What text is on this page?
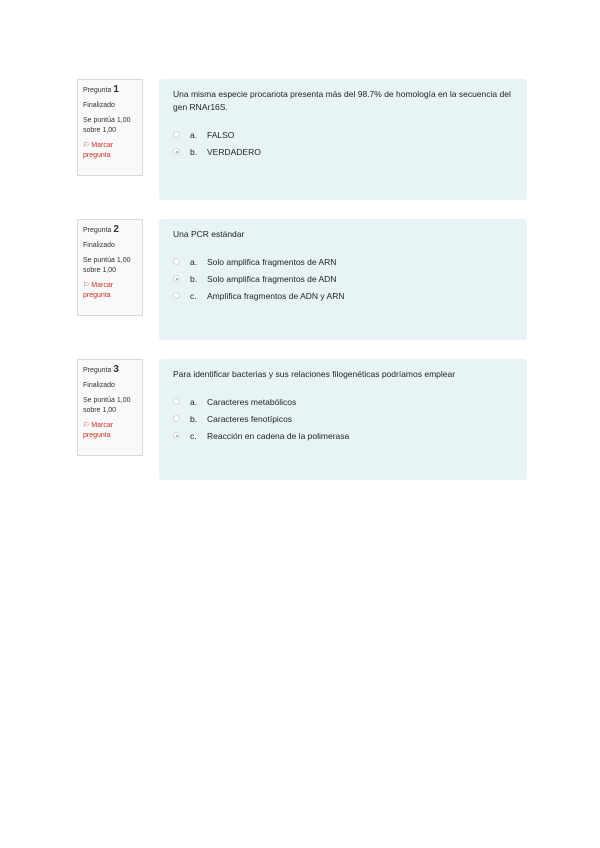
Pregunta 1
Finalizado
Se puntúa 1,00 sobre 1,00
⚐ Marcar pregunta
Una misma especie procariota presenta más del 98.7% de homología en la secuencia del gen RNAr16S.
a.	FALSO
b.	VERDADERO
Pregunta 2
Finalizado
Se puntúa 1,00 sobre 1,00
⚐ Marcar pregunta
Una PCR estándar
a.	Solo amplifica fragmentos de ARN
b.	Solo amplifica fragmentos de ADN
c.	Amplifica fragmentos de ADN y ARN
Pregunta 3
Finalizado
Se puntúa 1,00 sobre 1,00
⚐ Marcar pregunta
Para identificar bacterias y sus relaciones filogenéticas podríamos emplear
a.	Caracteres metabólicos
b.	Caracteres fenotípicos
c.	Reacción en cadena de la polimerasa
